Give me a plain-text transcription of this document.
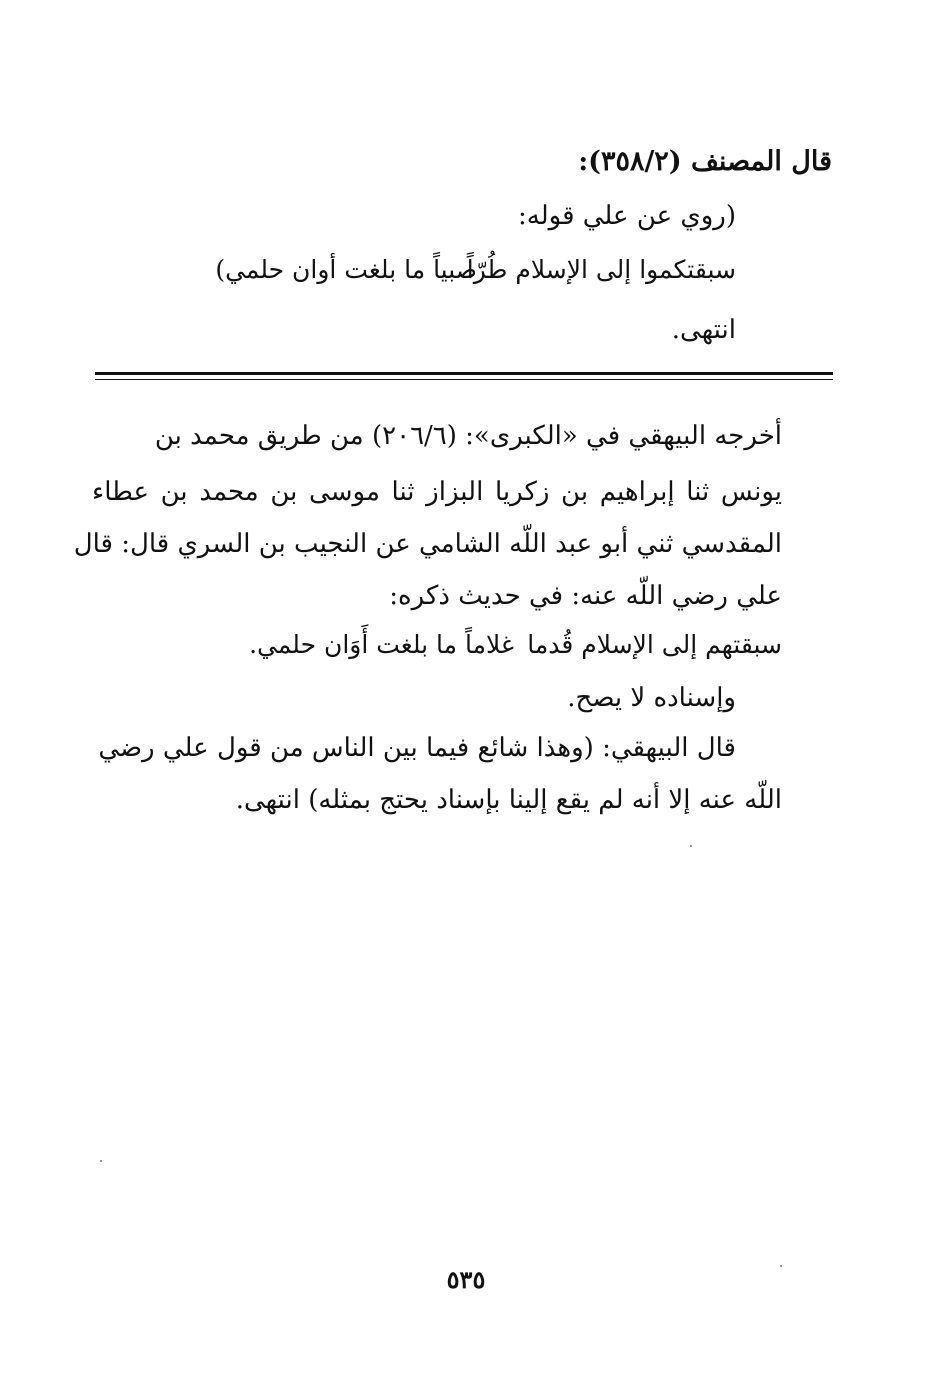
قال المصنف (٣٥٨/٢):
(روي عن علي قوله:
سبقتكموا إلى الإسلام طُرّاً
صبياً ما بلغت أوان حلمي)
انتهى.
أخرجه البيهقي في «الكبرى»: (٢٠٦/٦) من طريق محمد بن
يونس ثنا إبراهيم بن زكريا البزاز ثنا موسى بن محمد بن عطاء
المقدسي ثني أبو عبد اللّه الشامي عن النجيب بن السري قال: قال
علي رضي اللّه عنه: في حديث ذكره:
سبقتهم إلى الإسلام قُدما
غلاماً ما بلغت أَوَان حلمي.
وإسناده لا يصح.
قال البيهقي: (وهذا شائع فيما بين الناس من قول علي رضي
اللّه عنه إلا أنه لم يقع إلينا بإسناد يحتج بمثله) انتهى.
٥٣٥
